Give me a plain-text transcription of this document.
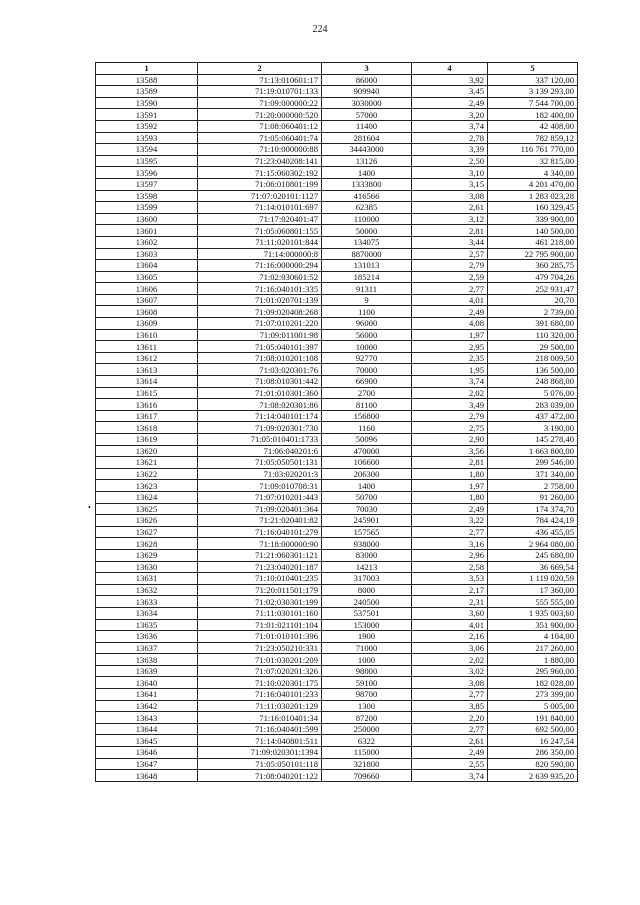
224
•
1	2	3	4	5
13588	71:13:010601:17	86000	3,92	337 120,00
13589	71:19:010701:133	909940	3,45	3 139 293,00
13590	71:09:000000:22	3030000	2,49	7 544 700,00
13591	71:20:000000:520	57000	3,20	182 400,00
13592	71:08:060401:12	11400	3,74	42 408,00
13593	71:05:060401:74	281604	2,78	782 859,12
13594	71:10:000000:88	34443000	3,39	116 761 770,00
13595	71:23:040208:141	13126	2,50	32 815,00
13596	71:15:060302:192	1400	3,10	4 340,00
13597	71:06:010801:199	1333800	3,15	4 201 470,00
13598	71:07:020101:1127	416566	3,08	1 283 023,28
13599	71:14:010101:697	62385	2,61	160 329,45
13600	71:17:020401:47	110000	3,12	339 900,00
13601	71:05:060801:155	50000	2,81	140 500,00
13602	71:11:020101:844	134075	3,44	461 218,00
13603	71:14:000000:8	8870000	2,57	22 795 900,00
13604	71:16:000000:294	131013	2,79	360 285,75
13605	71:02:030601:52	185214	2,59	479 704,26
13606	71:16:040101:335	91311	2,77	252 931,47
13607	71:01:020701:139	9	4,01	20,70
13608	71:09:020408:268	1100	2,49	2 739,00
13609	71:07:010201:220	96000	4,08	391 680,00
13610	71:09:011001:98	56000	1,97	110 320,00
13611	71:05:040101:397	10000	2,95	29 500,00
13612	71:08:010201:108	92770	2,35	218 009,50
13613	71:03:020301:76	70000	1,95	136 500,00
13614	71:08:010301:442	66900	3,74	248 868,00
13615	71:01:010301:360	2700	2,02	5 076,00
13616	71:08:020301:86	81100	3,49	283 039,00
13617	71:14:040101:174	156800	2,79	437 472,00
13618	71:09:020301:730	1160	2,75	3 190,00
13619	71:05:010401:1733	50096	2,90	145 278,40
13620	71:06:040201:6	470000	3,56	1 663 800,00
13621	71:05:050501:131	106600	2,81	299 546,00
13622	71:03:020201:3	206300	1,80	371 340,00
13623	71:09:010708:31	1400	1,97	2 758,00
13624	71:07:010201:443	50700	1,80	91 260,00
13625	71:09:020401:364	70030	2,49	174 374,70
13626	71:21:020401:82	245901	3,22	784 424,19
13627	71:16:040101:279	157565	2,77	436 455,05
13628	71:18:000000:90	938000	3,16	2 964 080,00
13629	71:21:060301:121	83000	2,96	245 680,00
13630	71:23:040201:187	14213	2,58	36 669,54
13631	71:10:010401:235	317003	3,53	1 119 020,59
13632	71:20:011501:179	8000	2,17	17 360,00
13633	71:02:030301:199	240500	2,31	555 555,00
13634	71:11:030101:160	537501	3,60	1 935 003,60
13635	71:01:021101:104	153000	4,01	351 900,00
13636	71:01:010101:396	1900	2,16	4 104,00
13637	71:23:050210:331	71000	3,06	217 260,00
13638	71:01:030201:209	1000	2,02	1 880,00
13639	71:07:020201:326	98000	3,02	295 960,00
13640	71:10:020301:175	59100	3,08	182 028,00
13641	71:16:040101:233	98700	2,77	273 399,00
13642	71:11:030201:129	1300	3,85	5 005,00
13643	71:16:010401:34	87200	2,20	191 840,00
13644	71:16:040401:599	250000	2,77	692 500,00
13645	71:14:040801:511	6322	2,61	16 247,54
13646	71:09:020301:1394	115000	2,49	286 350,00
13647	71:05:050101:118	321800	2,55	820 590,00
13648	71:08:040201:122	709660	3,74	2 639 935,20
